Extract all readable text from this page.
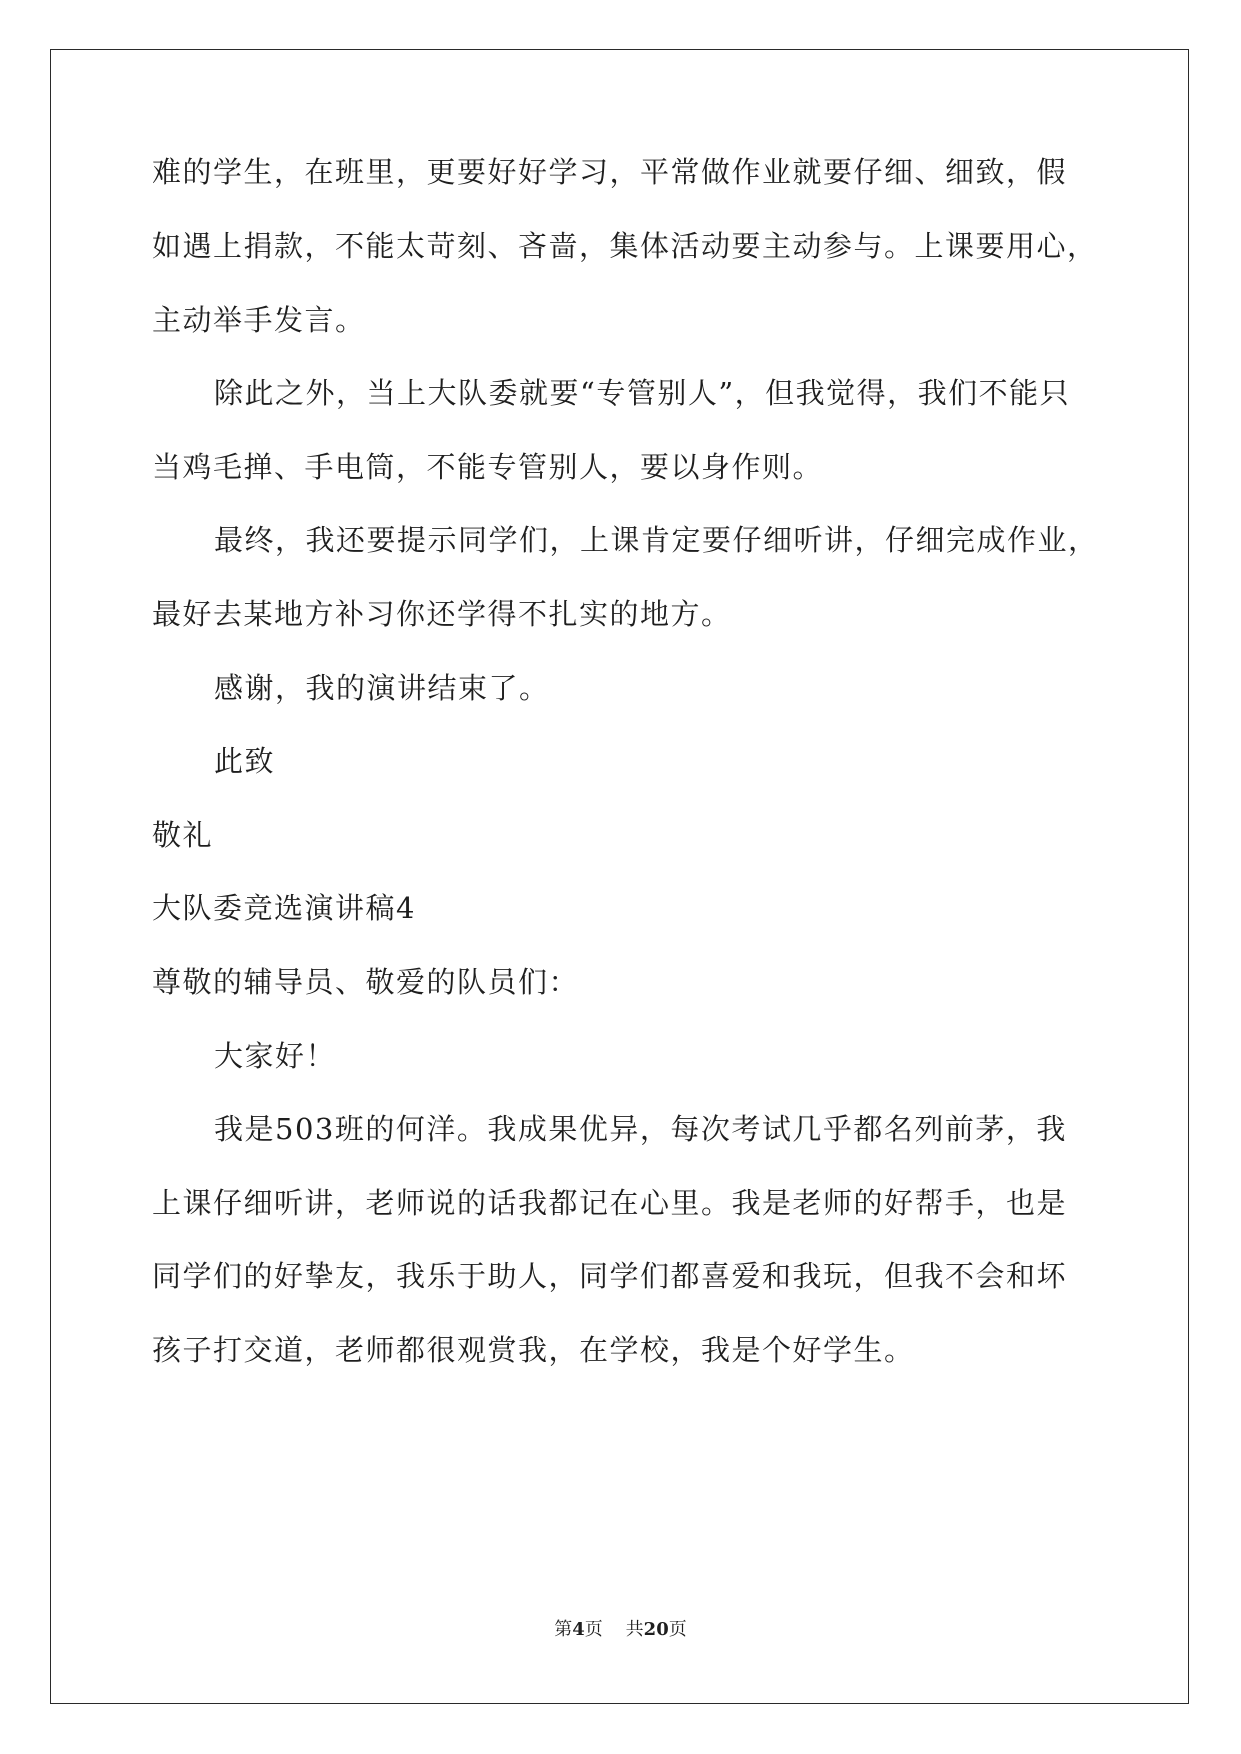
难的学生，在班里，更要好好学习，平常做作业就要仔细、细致，假
如遇上捐款，不能太苛刻、吝啬，集体活动要主动参与。上课要用心，
主动举手发言。
除此之外，当上大队委就要“专管别人”，但我觉得，我们不能只
当鸡毛掸、手电筒，不能专管别人，要以身作则。
最终，我还要提示同学们，上课肯定要仔细听讲，仔细完成作业，
最好去某地方补习你还学得不扎实的地方。
感谢，我的演讲结束了。
此致
敬礼
大队委竞选演讲稿4
尊敬的辅导员、敬爱的队员们：
大家好！
我是503班的何洋。我成果优异，每次考试几乎都名列前茅，我
上课仔细听讲，老师说的话我都记在心里。我是老师的好帮手，也是
同学们的好挚友，我乐于助人，同学们都喜爱和我玩，但我不会和坏
孩子打交道，老师都很观赏我，在学校，我是个好学生。
第4页 共20页
